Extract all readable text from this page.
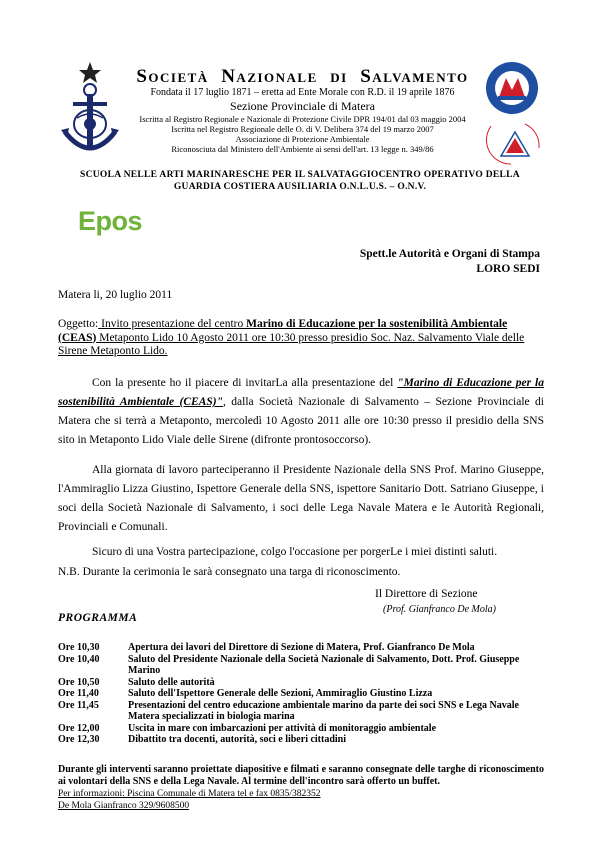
Società Nazionale di Salvamento
Fondata il 17 luglio 1871 – eretta ad Ente Morale con R.D. il 19 aprile 1876
Sezione Provinciale di Matera
Iscritta al Registro Regionale e Nazionale di Protezione Civile DPR 194/01 dal 03 maggio 2004
Iscritta nel Registro Regionale delle O. di V. Delibera 374 del 19 marzo 2007
Associazione di Protezione Ambientale
Riconosciuta dal Ministero dell'Ambiente ai sensi dell'art. 13 legge n. 349/86
SCUOLA NELLE ARTI MARINARESCHE PER IL SALVATAGGIOCENTRO OPERATIVO DELLA
GUARDIA COSTIERA AUSILIARIA O.N.L.U.S. – O.N.V.
Epos
Spett.le Autorità e Organi di Stampa
LORO SEDI
Matera li, 20 luglio 2011
Oggetto: Invito presentazione del centro Marino di Educazione per la sostenibilità Ambientale (CEAS) Metaponto Lido 10 Agosto 2011 ore 10:30 presso presidio Soc. Naz. Salvamento Viale delle Sirene Metaponto Lido.
Con la presente ho il piacere di invitarLa alla presentazione del "Marino di Educazione per la sostenibilità Ambientale (CEAS)", dalla Società Nazionale di Salvamento – Sezione Provinciale di Matera che si terrà a Metaponto, mercoledì 10 Agosto 2011 alle ore 10:30 presso il presidio della SNS sito in Metaponto Lido Viale delle Sirene (difronte prontosoccorso).
Alla giornata di lavoro parteciperanno il Presidente Nazionale della SNS Prof. Marino Giuseppe, l'Ammiraglio Lizza Giustino, Ispettore Generale della SNS, ispettore Sanitario Dott. Satriano Giuseppe, i soci della Società Nazionale di Salvamento, i soci delle Lega Navale Matera e le Autorità Regionali, Provinciali e Comunali.
Sicuro di una Vostra partecipazione, colgo l'occasione per porgerLe i miei distinti saluti.
N.B. Durante la cerimonia le sarà consegnato una targa di riconoscimento.
Il Direttore di Sezione
(Prof. Gianfranco De Mola)
PROGRAMMA
Ore 10,30	Apertura dei lavori del Direttore di Sezione di Matera, Prof. Gianfranco De Mola
Ore 10,40	Saluto del Presidente Nazionale della Società Nazionale di Salvamento, Dott. Prof. Giuseppe Marino
Ore 10,50	Saluto delle autorità
Ore 11,40	Saluto dell'Ispettore Generale delle Sezioni, Ammiraglio Giustino Lizza
Ore 11,45	Presentazioni del centro educazione ambientale marino da parte dei soci SNS e Lega Navale Matera specializzati in biologia marina
Ore 12,00	Uscita in mare con imbarcazioni per attività di monitoraggio ambientale
Ore 12,30	Dibattito tra docenti, autorità, soci e liberi cittadini
Durante gli interventi saranno proiettate diapositive e filmati e saranno consegnate delle targhe di riconoscimento ai volontari della SNS e della Lega Navale. Al termine dell'incontro sarà offerto un buffet.
Per informazioni: Piscina Comunale di Matera tel e fax 0835/382352
De Mola Gianfranco 329/9608500
